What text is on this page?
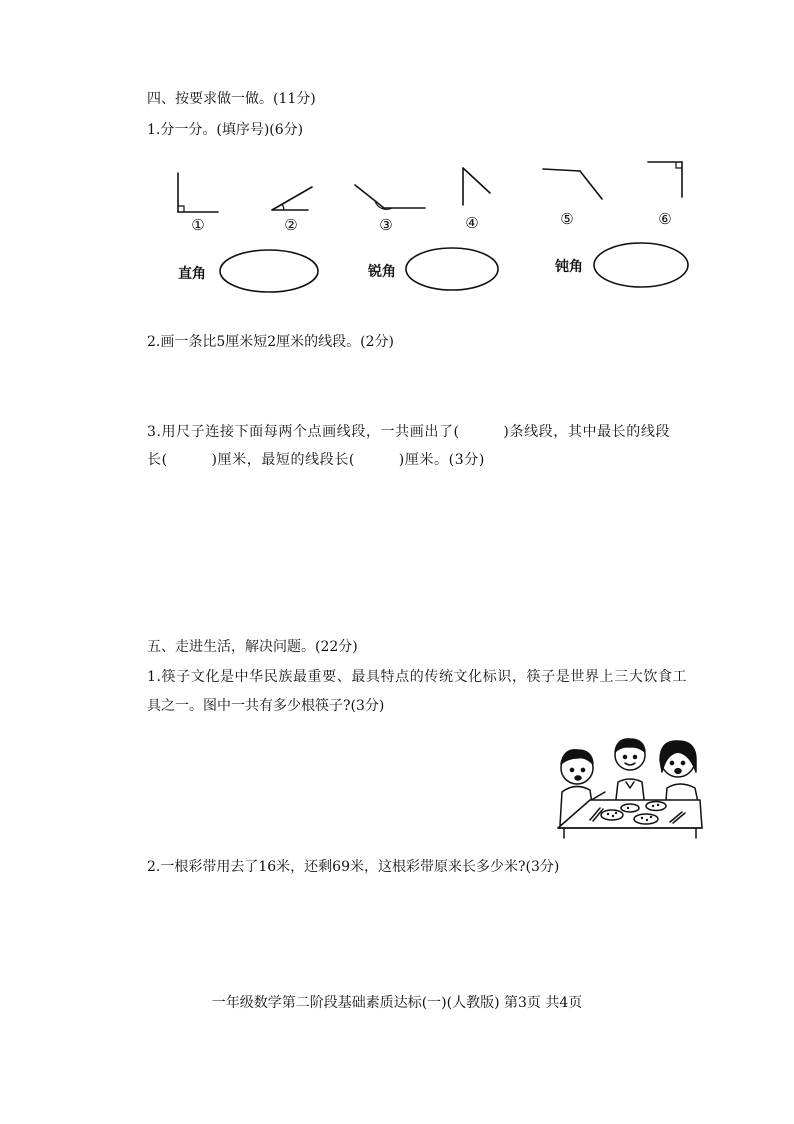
四、按要求做一做。(11分)
1.分一分。(填序号)(6分)
①	②	③	④	⑤	⑥
直角	锐角	钝角
2.画一条比5厘米短2厘米的线段。(2分)
3.用尺子连接下面每两个点画线段，一共画出了(　　　)条线段，其中最长的线段
长(　　　)厘米，最短的线段长(　　　)厘米。(3分)
五、走进生活，解决问题。(22分)
1.筷子文化是中华民族最重要、最具特点的传统文化标识，筷子是世界上三大饮食工
具之一。图中一共有多少根筷子?(3分)
2.一根彩带用去了16米，还剩69米，这根彩带原来长多少米?(3分)
一年级数学第二阶段基础素质达标(一)(人教版) 第3页 共4页
